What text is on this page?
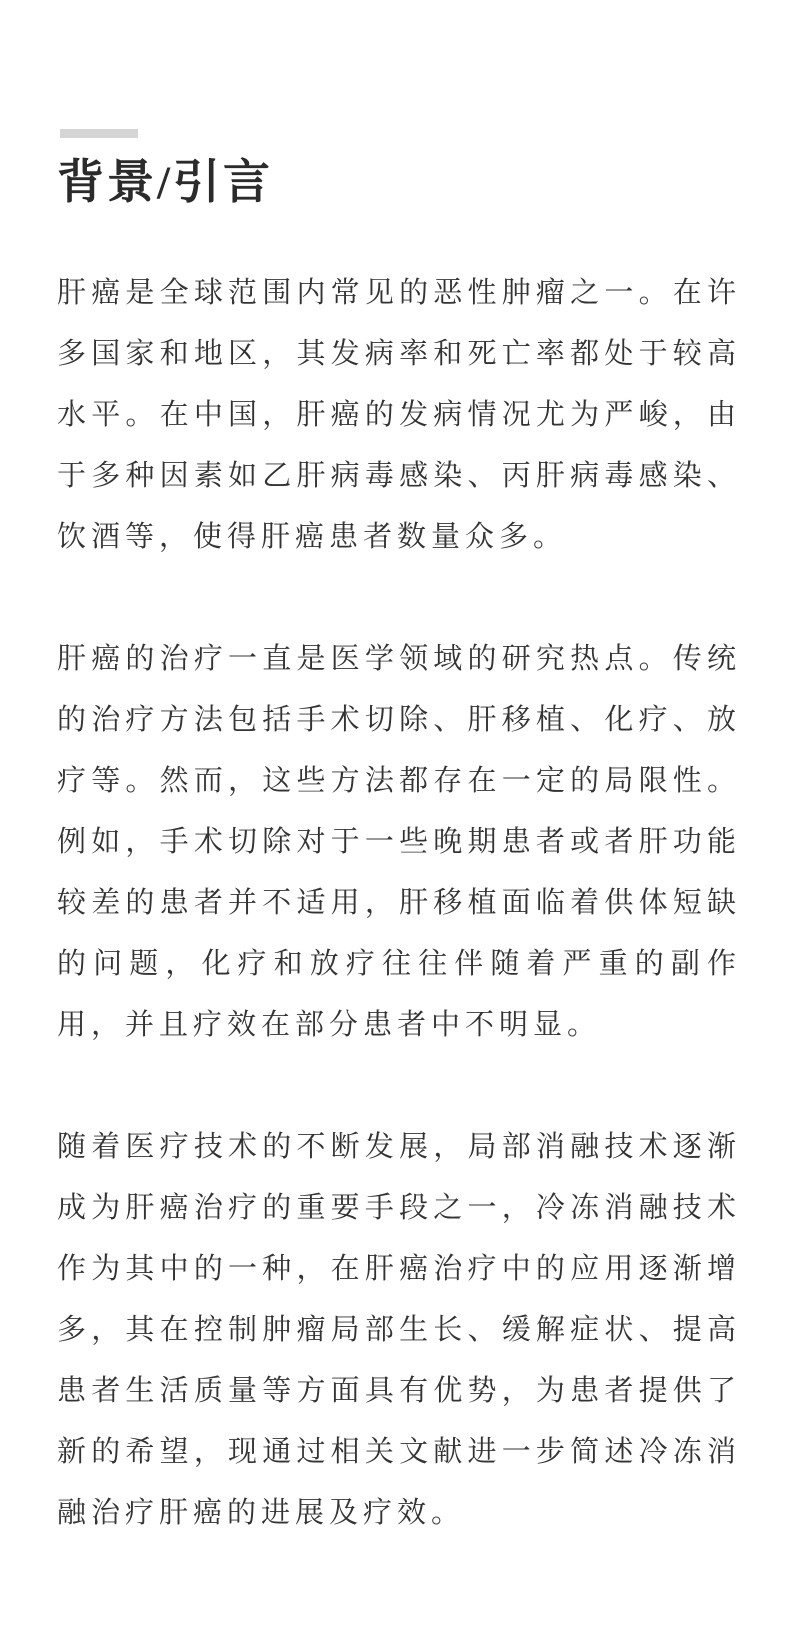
背景/引言

肝癌是全球范围内常见的恶性肿瘤之一。在许多国家和地区，其发病率和死亡率都处于较高水平。在中国，肝癌的发病情况尤为严峻，由于多种因素如乙肝病毒感染、丙肝病毒感染、饮酒等，使得肝癌患者数量众多。

肝癌的治疗一直是医学领域的研究热点。传统的治疗方法包括手术切除、肝移植、化疗、放疗等。然而，这些方法都存在一定的局限性。例如，手术切除对于一些晚期患者或者肝功能较差的患者并不适用，肝移植面临着供体短缺的问题，化疗和放疗往往伴随着严重的副作用，并且疗效在部分患者中不明显。

随着医疗技术的不断发展，局部消融技术逐渐成为肝癌治疗的重要手段之一，冷冻消融技术作为其中的一种，在肝癌治疗中的应用逐渐增多，其在控制肿瘤局部生长、缓解症状、提高患者生活质量等方面具有优势，为患者提供了新的希望，现通过相关文献进一步简述冷冻消融治疗肝癌的进展及疗效。
